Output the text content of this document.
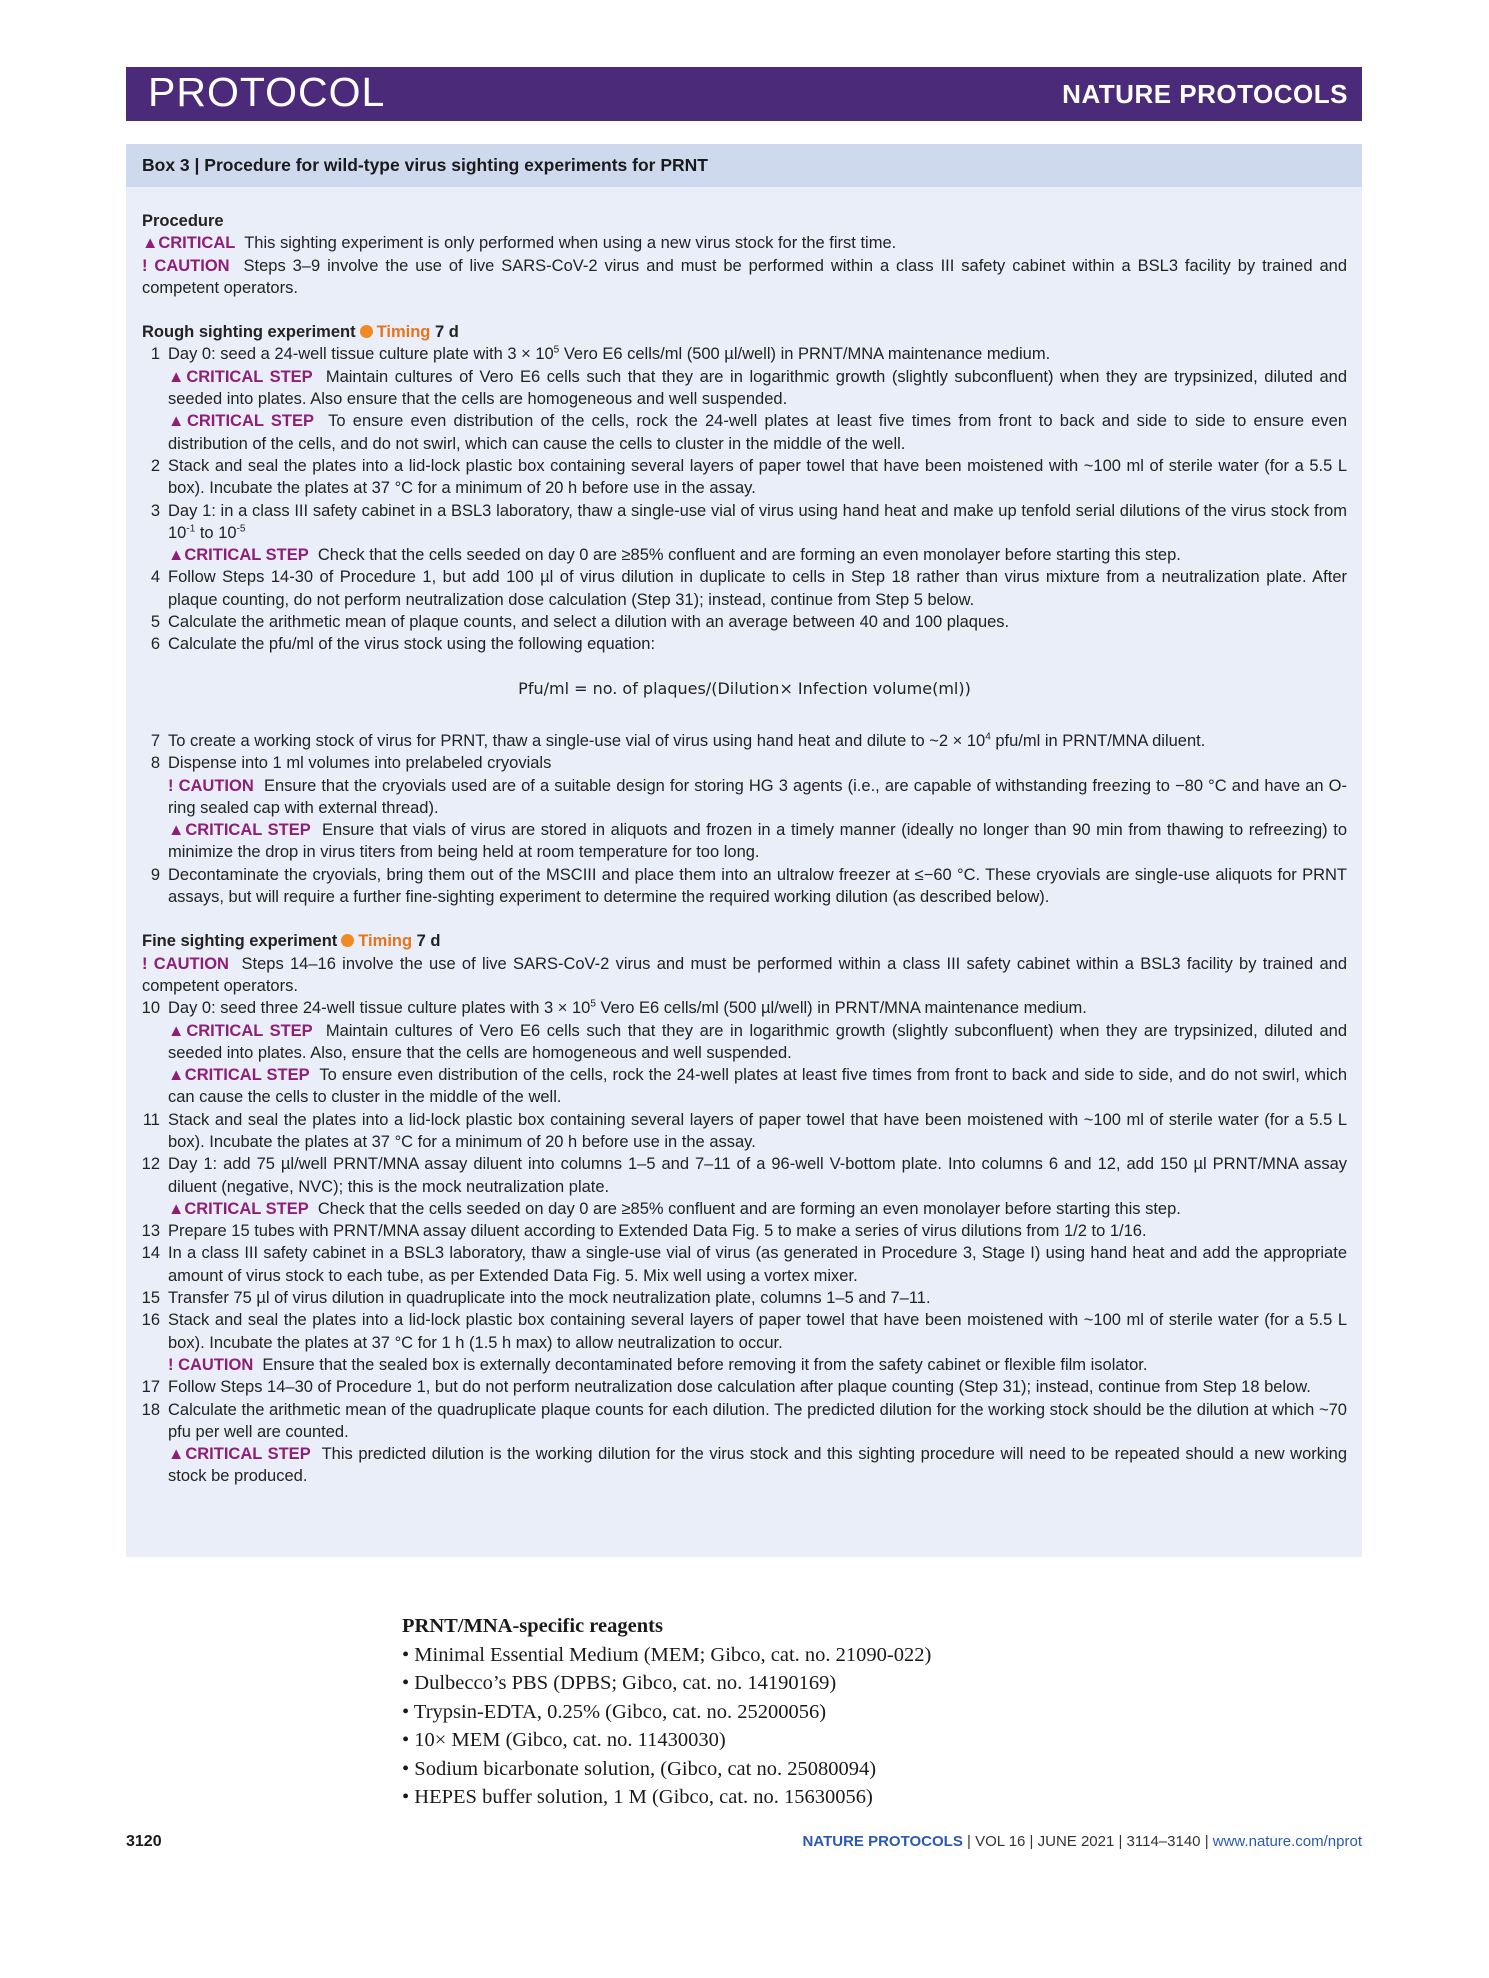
PROTOCOL	NATURE PROTOCOLS
Box 3 | Procedure for wild-type virus sighting experiments for PRNT

Procedure

▲CRITICAL This sighting experiment is only performed when using a new virus stock for the first time.

! CAUTION Steps 3–9 involve the use of live SARS-CoV-2 virus and must be performed within a class III safety cabinet within a BSL3 facility by trained and competent operators.

Rough sighting experiment Timing 7 d

1 Day 0: seed a 24-well tissue culture plate with $3 \times 10^5$ Vero E6 cells/ml (500 µl/well) in PRNT/MNA maintenance medium.
▲CRITICAL STEP Maintain cultures of Vero E6 cells such that they are in logarithmic growth (slightly subconfluent) when they are trypsinized, diluted and seeded into plates. Also ensure that the cells are homogeneous and well suspended.
▲CRITICAL STEP To ensure even distribution of the cells, rock the 24-well plates at least five times from front to back and side to side to ensure even distribution of the cells, and do not swirl, which can cause the cells to cluster in the middle of the well.
2 Stack and seal the plates into a lid-lock plastic box containing several layers of paper towel that have been moistened with ~100 ml of sterile water (for a 5.5 L box). Incubate the plates at 37 °C for a minimum of 20 h before use in the assay.
3 Day 1: in a class III safety cabinet in a BSL3 laboratory, thaw a single-use vial of virus using hand heat and make up tenfold serial dilutions of the virus stock from $10^{-1}$ to $10^{-5}$
▲CRITICAL STEP Check that the cells seeded on day 0 are ≥85% confluent and are forming an even monolayer before starting this step.
4 Follow Steps 14-30 of Procedure 1, but add 100 µl of virus dilution in duplicate to cells in Step 18 rather than virus mixture from a neutralization plate. After plaque counting, do not perform neutralization dose calculation (Step 31); instead, continue from Step 5 below.
5 Calculate the arithmetic mean of plaque counts, and select a dilution with an average between 40 and 100 plaques.
6 Calculate the pfu/ml of the virus stock using the following equation:
Pfu/ml = no. of plaques/(Dilution× Infection volume(ml))
7 To create a working stock of virus for PRNT, thaw a single-use vial of virus using hand heat and dilute to ~2 × $10^4$ pfu/ml in PRNT/MNA diluent.
8 Dispense into 1 ml volumes into prelabeled cryovials
! CAUTION Ensure that the cryovials used are of a suitable design for storing HG 3 agents (i.e., are capable of withstanding freezing to −80 °C and have an O-ring sealed cap with external thread).
▲CRITICAL STEP Ensure that vials of virus are stored in aliquots and frozen in a timely manner (ideally no longer than 90 min from thawing to refreezing) to minimize the drop in virus titers from being held at room temperature for too long.
9 Decontaminate the cryovials, bring them out of the MSCIII and place them into an ultralow freezer at ≤−60 °C. These cryovials are single-use aliquots for PRNT assays, but will require a further fine-sighting experiment to determine the required working dilution (as described below).

Fine sighting experiment Timing 7 d

! CAUTION Steps 14–16 involve the use of live SARS-CoV-2 virus and must be performed within a class III safety cabinet within a BSL3 facility by trained and competent operators.

10 Day 0: seed three 24-well tissue culture plates with $3 \times 10^5$ Vero E6 cells/ml (500 µl/well) in PRNT/MNA maintenance medium.
▲CRITICAL STEP Maintain cultures of Vero E6 cells such that they are in logarithmic growth (slightly subconfluent) when they are trypsinized, diluted and seeded into plates. Also, ensure that the cells are homogeneous and well suspended.
▲CRITICAL STEP To ensure even distribution of the cells, rock the 24-well plates at least five times from front to back and side to side, and do not swirl, which can cause the cells to cluster in the middle of the well.
11 Stack and seal the plates into a lid-lock plastic box containing several layers of paper towel that have been moistened with ~100 ml of sterile water (for a 5.5 L box). Incubate the plates at 37 °C for a minimum of 20 h before use in the assay.
12 Day 1: add 75 µl/well PRNT/MNA assay diluent into columns 1–5 and 7–11 of a 96-well V-bottom plate. Into columns 6 and 12, add 150 µl PRNT/MNA assay diluent (negative, NVC); this is the mock neutralization plate.
▲CRITICAL STEP Check that the cells seeded on day 0 are ≥85% confluent and are forming an even monolayer before starting this step.
13 Prepare 15 tubes with PRNT/MNA assay diluent according to Extended Data Fig. 5 to make a series of virus dilutions from 1/2 to 1/16.
14 In a class III safety cabinet in a BSL3 laboratory, thaw a single-use vial of virus (as generated in Procedure 3, Stage I) using hand heat and add the appropriate amount of virus stock to each tube, as per Extended Data Fig. 5. Mix well using a vortex mixer.
15 Transfer 75 µl of virus dilution in quadruplicate into the mock neutralization plate, columns 1–5 and 7–11.
16 Stack and seal the plates into a lid-lock plastic box containing several layers of paper towel that have been moistened with ~100 ml of sterile water (for a 5.5 L box). Incubate the plates at 37 °C for 1 h (1.5 h max) to allow neutralization to occur.
! CAUTION Ensure that the sealed box is externally decontaminated before removing it from the safety cabinet or flexible film isolator.
17 Follow Steps 14–30 of Procedure 1, but do not perform neutralization dose calculation after plaque counting (Step 31); instead, continue from Step 18 below.
18 Calculate the arithmetic mean of the quadruplicate plaque counts for each dilution. The predicted dilution for the working stock should be the dilution at which ~70 pfu per well are counted.
▲CRITICAL STEP This predicted dilution is the working dilution for the virus stock and this sighting procedure will need to be repeated should a new working stock be produced.
PRNT/MNA-specific reagents
• Minimal Essential Medium (MEM; Gibco, cat. no. 21090-022)
• Dulbecco’s PBS (DPBS; Gibco, cat. no. 14190169)
• Trypsin-EDTA, 0.25% (Gibco, cat. no. 25200056)
• 10× MEM (Gibco, cat. no. 11430030)
• Sodium bicarbonate solution, (Gibco, cat no. 25080094)
• HEPES buffer solution, 1 M (Gibco, cat. no. 15630056)
3120	NATURE PROTOCOLS | VOL 16 | JUNE 2021 | 3114–3140 | www.nature.com/nprot
